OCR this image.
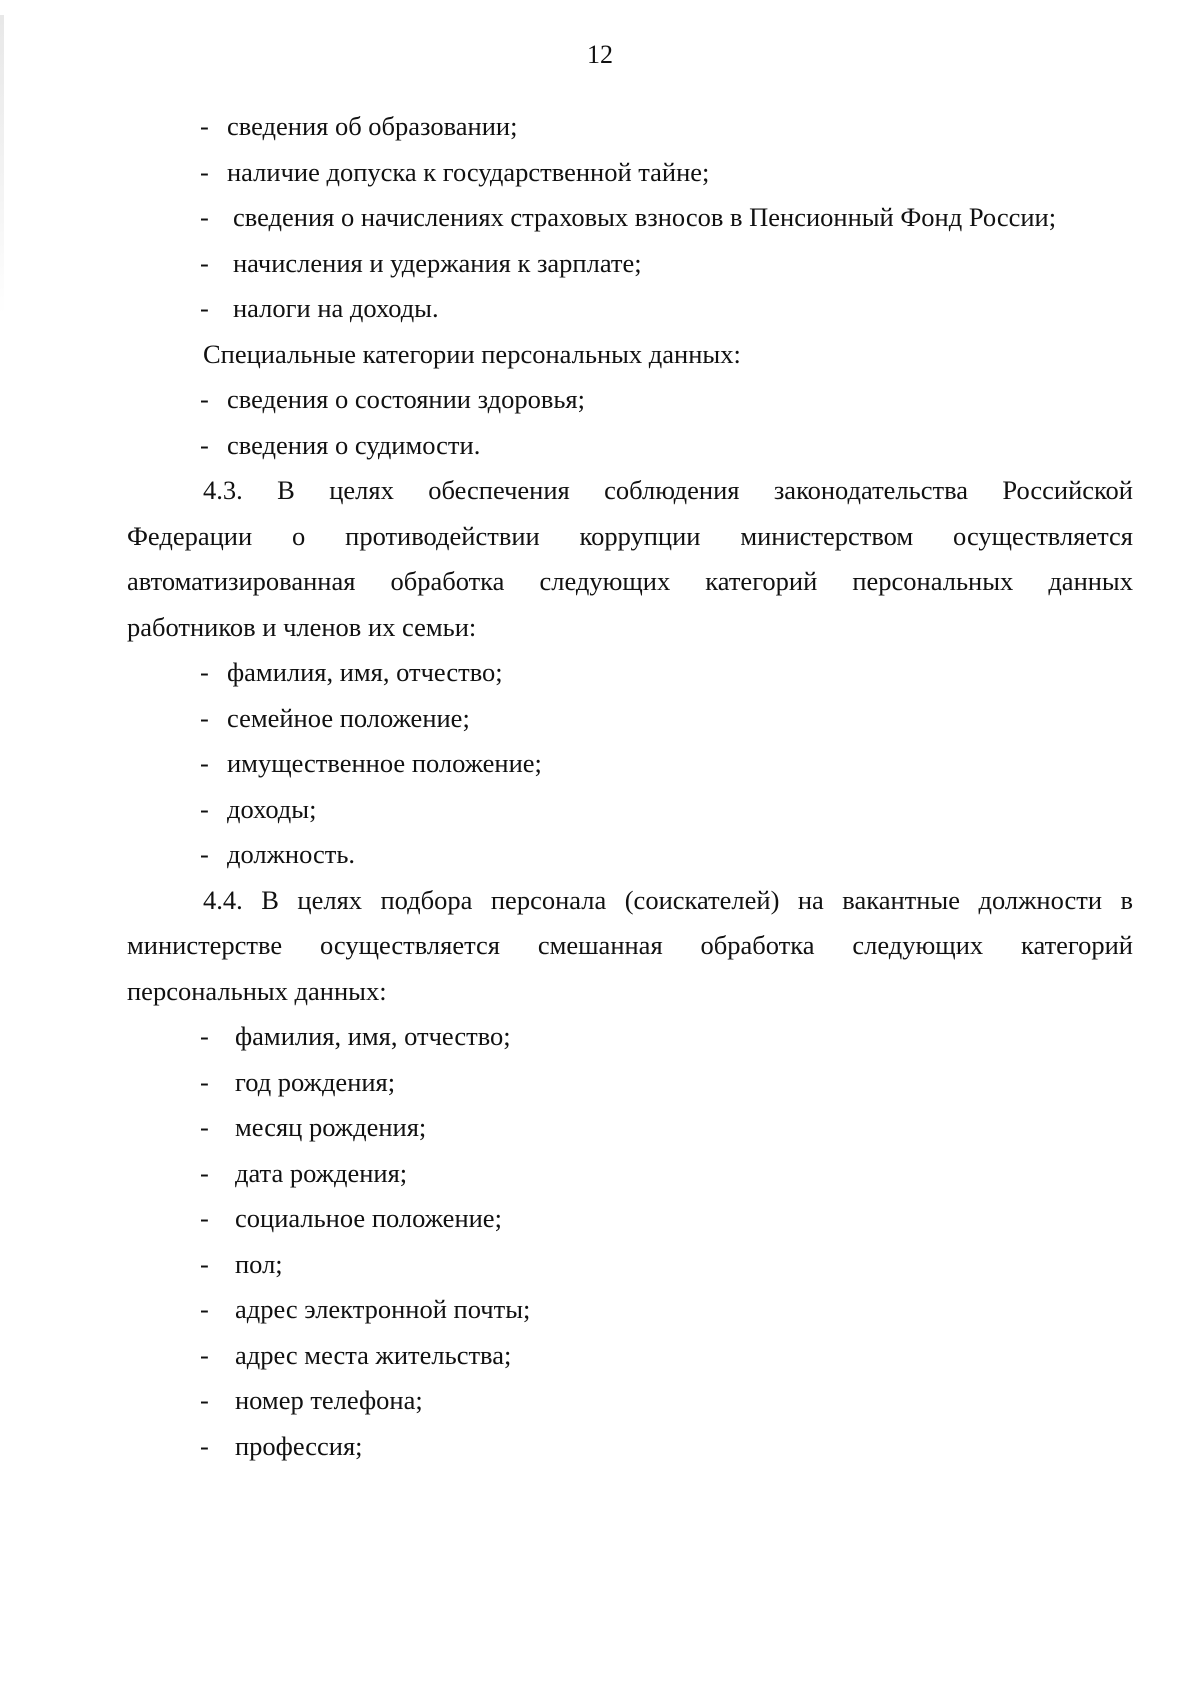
12
- сведения об образовании;
- наличие допуска к государственной тайне;
- сведения о начислениях страховых взносов в Пенсионный Фонд России;
- начисления и удержания к зарплате;
- налоги на доходы.
Специальные категории персональных данных:
- сведения о состоянии здоровья;
- сведения о судимости.
4.3. В целях обеспечения соблюдения законодательства Российской
Федерации о противодействии коррупции министерством осуществляется
автоматизированная обработка следующих категорий персональных данных
работников и членов их семьи:
- фамилия, имя, отчество;
- семейное положение;
- имущественное положение;
- доходы;
- должность.
4.4. В целях подбора персонала (соискателей) на вакантные должности в
министерстве осуществляется смешанная обработка следующих категорий
персональных данных:
- фамилия, имя, отчество;
- год рождения;
- месяц рождения;
- дата рождения;
- социальное положение;
- пол;
- адрес электронной почты;
- адрес места жительства;
- номер телефона;
- профессия;
